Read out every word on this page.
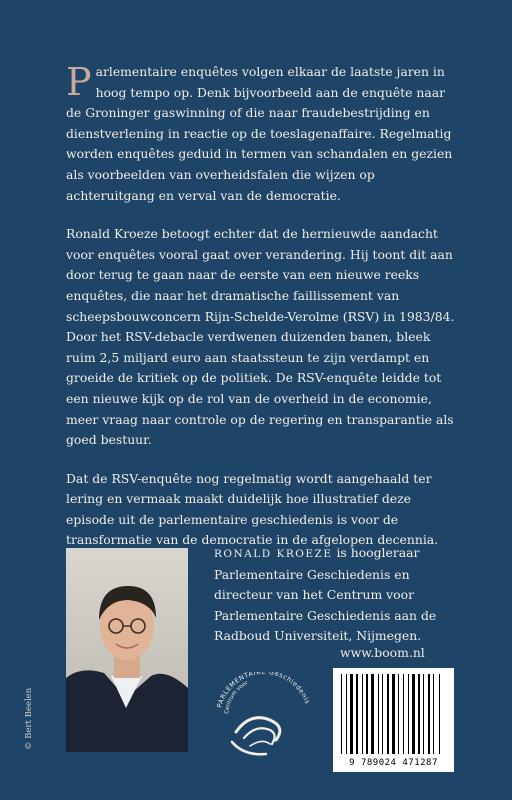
Parlementaire enquêtes volgen elkaar de laatste jaren in hoog tempo op. Denk bijvoorbeeld aan de enquête naar de Groninger gaswinning of die naar fraudebestrijding en dienstverlening in reactie op de toeslagenaffaire. Regelmatig worden enquêtes geduid in termen van schandalen en gezien als voorbeelden van overheidsfalen die wijzen op achteruitgang en verval van de democratie.

Ronald Kroeze betoogt echter dat de hernieuwde aandacht voor enquêtes vooral gaat over verandering. Hij toont dit aan door terug te gaan naar de eerste van een nieuwe reeks enquêtes, die naar het dramatische faillissement van scheepsbouwconcern Rijn-Schelde-Verolme (RSV) in 1983/84. Door het RSV-debacle verdwenen duizenden banen, bleek ruim 2,5 miljard euro aan staatssteun te zijn verdampt en groeide de kritiek op de politiek. De RSV-enquête leidde tot een nieuwe kijk op de rol van de overheid in de economie, meer vraag naar controle op de regering en transparantie als goed bestuur.

Dat de RSV-enquête nog regelmatig wordt aangehaald ter lering en vermaak maakt duidelijk hoe illustratief deze episode uit de parlementaire geschiedenis is voor de transformatie van de democratie in de afgelopen decennia.

© Bert Beelen
RONALD KROEZE is hoogleraar Parlementaire Geschiedenis en directeur van het Centrum voor Parlementaire Geschiedenis aan de Radboud Universiteit, Nijmegen.
www.boom.nl
Centrum voor
PARLEMENTAIRE Geschiedenis
9 789024 471287
